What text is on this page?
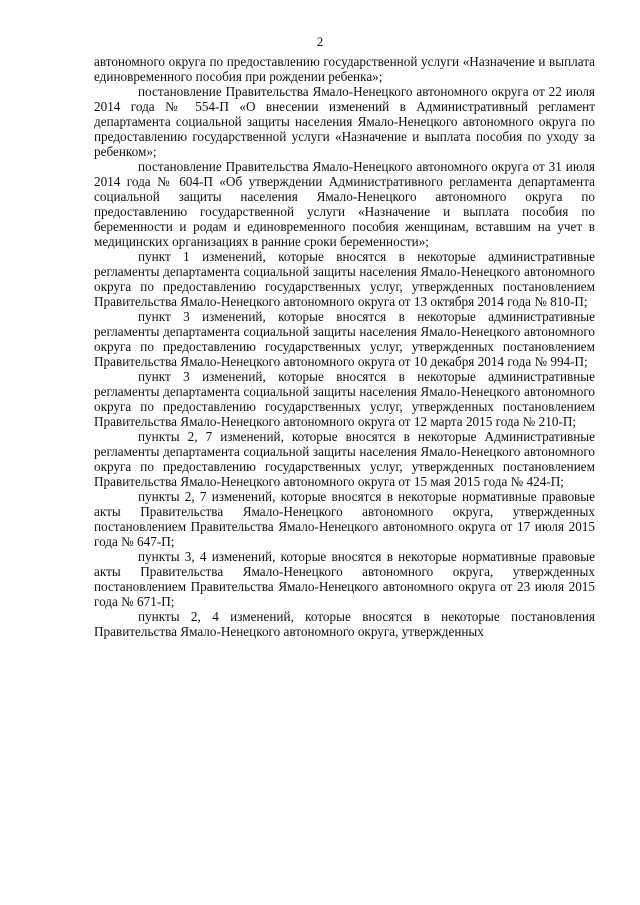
2

автономного округа по предоставлению государственной услуги «Назначение и выплата единовременного пособия при рождении ребенка»;

постановление Правительства Ямало-Ненецкого автономного округа от 22 июля 2014 года № 554-П «О внесении изменений в Административный регламент департамента социальной защиты населения Ямало-Ненецкого автономного округа по предоставлению государственной услуги «Назначение и выплата пособия по уходу за ребенком»;

постановление Правительства Ямало-Ненецкого автономного округа от 31 июля 2014 года № 604-П «Об утверждении Административного регламента департамента социальной защиты населения Ямало-Ненецкого автономного округа по предоставлению государственной услуги «Назначение и выплата пособия по беременности и родам и единовременного пособия женщинам, вставшим на учет в медицинских организациях в ранние сроки беременности»;

пункт 1 изменений, которые вносятся в некоторые административные регламенты департамента социальной защиты населения Ямало-Ненецкого автономного округа по предоставлению государственных услуг, утвержденных постановлением Правительства Ямало-Ненецкого автономного округа от 13 октября 2014 года № 810-П;

пункт 3 изменений, которые вносятся в некоторые административные регламенты департамента социальной защиты населения Ямало-Ненецкого автономного округа по предоставлению государственных услуг, утвержденных постановлением Правительства Ямало-Ненецкого автономного округа от 10 декабря 2014 года № 994-П;

пункт 3 изменений, которые вносятся в некоторые административные регламенты департамента социальной защиты населения Ямало-Ненецкого автономного округа по предоставлению государственных услуг, утвержденных постановлением Правительства Ямало-Ненецкого автономного округа от 12 марта 2015 года № 210-П;

пункты 2, 7 изменений, которые вносятся в некоторые Административные регламенты департамента социальной защиты населения Ямало-Ненецкого автономного округа по предоставлению государственных услуг, утвержденных постановлением Правительства Ямало-Ненецкого автономного округа от 15 мая 2015 года № 424-П;

пункты 2, 7 изменений, которые вносятся в некоторые нормативные правовые акты Правительства Ямало-Ненецкого автономного округа, утвержденных постановлением Правительства Ямало-Ненецкого автономного округа от 17 июля 2015 года № 647-П;

пункты 3, 4 изменений, которые вносятся в некоторые нормативные правовые акты Правительства Ямало-Ненецкого автономного округа, утвержденных постановлением Правительства Ямало-Ненецкого автономного округа от 23 июля 2015 года № 671-П;

пункты 2, 4 изменений, которые вносятся в некоторые постановления Правительства Ямало-Ненецкого автономного округа, утвержденных
